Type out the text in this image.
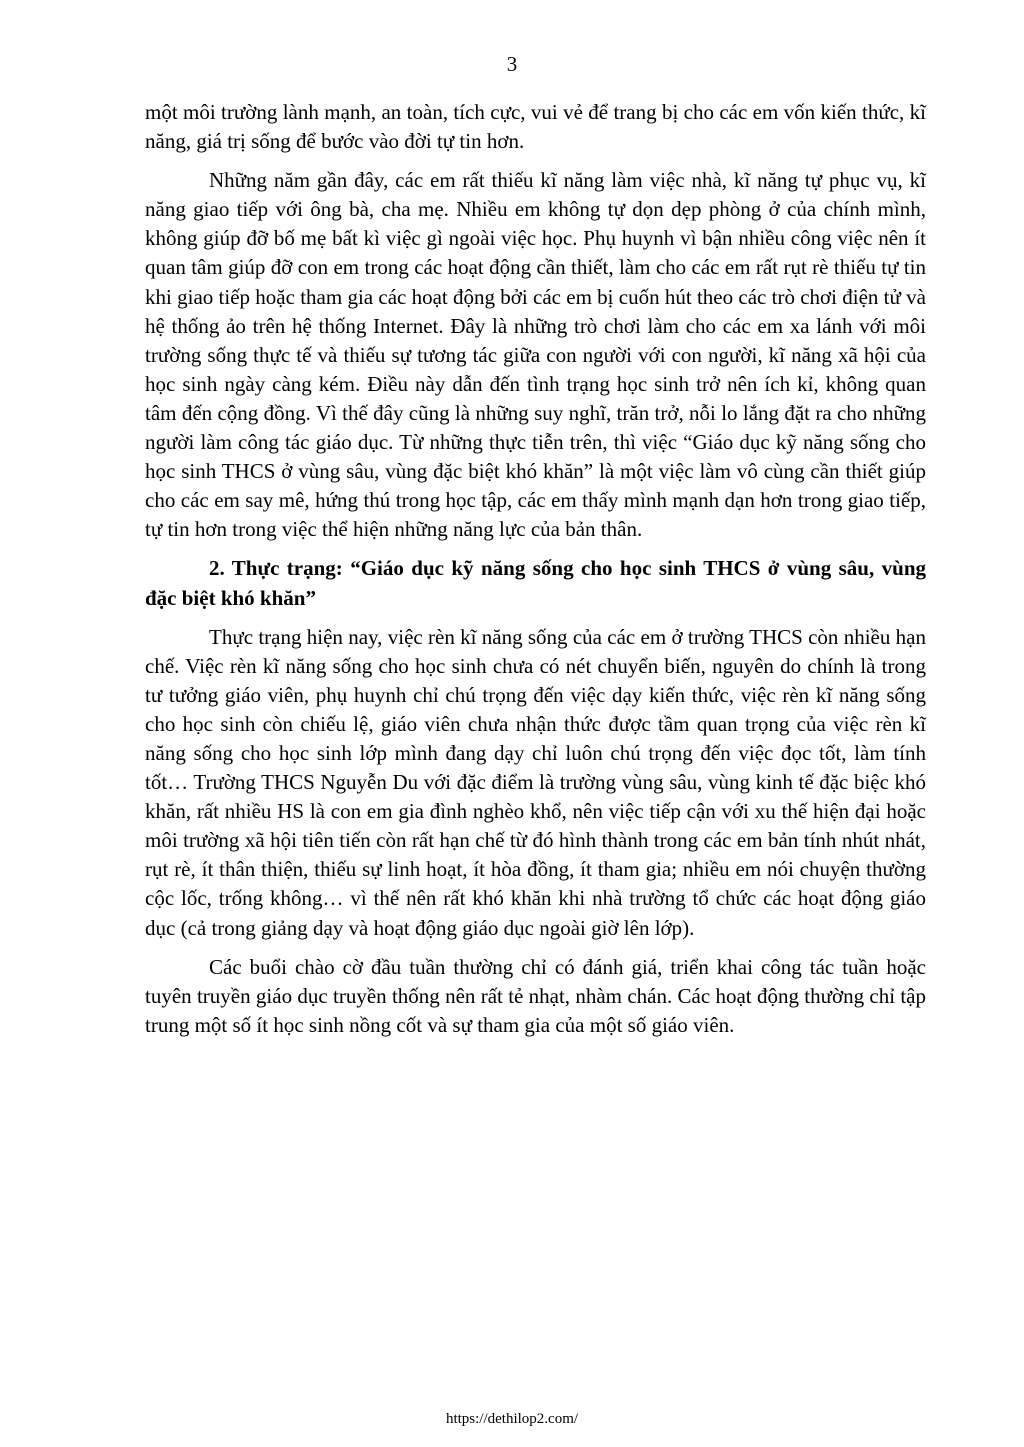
3

một môi trường lành mạnh, an toàn, tích cực, vui vẻ để trang bị cho các em vốn kiến thức, kĩ năng, giá trị sống để bước vào đời tự tin hơn.

Những năm gần đây, các em rất thiếu kĩ năng làm việc nhà, kĩ năng tự phục vụ, kĩ năng giao tiếp với ông bà, cha mẹ. Nhiều em không tự dọn dẹp phòng ở của chính mình, không giúp đỡ bố mẹ bất kì việc gì ngoài việc học. Phụ huynh vì bận nhiều công việc nên ít quan tâm giúp đỡ con em trong các hoạt động cần thiết, làm cho các em rất rụt rè thiếu tự tin khi giao tiếp hoặc tham gia các hoạt động bởi các em bị cuốn hút theo các trò chơi điện tử và hệ thống ảo trên hệ thống Internet. Đây là những trò chơi làm cho các em xa lánh với môi trường sống thực tế và thiếu sự tương tác giữa con người với con người, kĩ năng xã hội của học sinh ngày càng kém. Điều này dẫn đến tình trạng học sinh trở nên ích kỉ, không quan tâm đến cộng đồng. Vì thế đây cũng là những suy nghĩ, trăn trở, nỗi lo lắng đặt ra cho những người làm công tác giáo dục. Từ những thực tiễn trên, thì việc “Giáo dục kỹ năng sống cho học sinh THCS ở vùng sâu, vùng đặc biệt khó khăn” là một việc làm vô cùng cần thiết giúp cho các em say mê, hứng thú trong học tập, các em thấy mình mạnh dạn hơn trong giao tiếp, tự tin hơn trong việc thể hiện những năng lực của bản thân.

2. Thực trạng: “Giáo dục kỹ năng sống cho học sinh THCS ở vùng sâu, vùng đặc biệt khó khăn”

Thực trạng hiện nay, việc rèn kĩ năng sống của các em ở trường THCS còn nhiều hạn chế. Việc rèn kĩ năng sống cho học sinh chưa có nét chuyển biến, nguyên do chính là trong tư tưởng giáo viên, phụ huynh chỉ chú trọng đến việc dạy kiến thức, việc rèn kĩ năng sống cho học sinh còn chiếu lệ, giáo viên chưa nhận thức được tầm quan trọng của việc rèn kĩ năng sống cho học sinh lớp mình đang dạy chỉ luôn chú trọng đến việc đọc tốt, làm tính tốt… Trường THCS Nguyễn Du với đặc điểm là trường vùng sâu, vùng kinh tế đặc biệc khó khăn, rất nhiều HS là con em gia đình nghèo khổ, nên việc tiếp cận với xu thế hiện đại hoặc môi trường xã hội tiên tiến còn rất hạn chế từ đó hình thành trong các em bản tính nhút nhát, rụt rè, ít thân thiện, thiếu sự linh hoạt, ít hòa đồng, ít tham gia; nhiều em nói chuyện thường cộc lốc, trống không… vì thế nên rất khó khăn khi nhà trường tổ chức các hoạt động giáo dục (cả trong giảng dạy và hoạt động giáo dục ngoài giờ lên lớp).

Các buổi chào cờ đầu tuần thường chỉ có đánh giá, triển khai công tác tuần hoặc tuyên truyền giáo dục truyền thống nên rất tẻ nhạt, nhàm chán. Các hoạt động thường chỉ tập trung một số ít học sinh nồng cốt và sự tham gia của một số giáo viên.

https://dethilop2.com/
